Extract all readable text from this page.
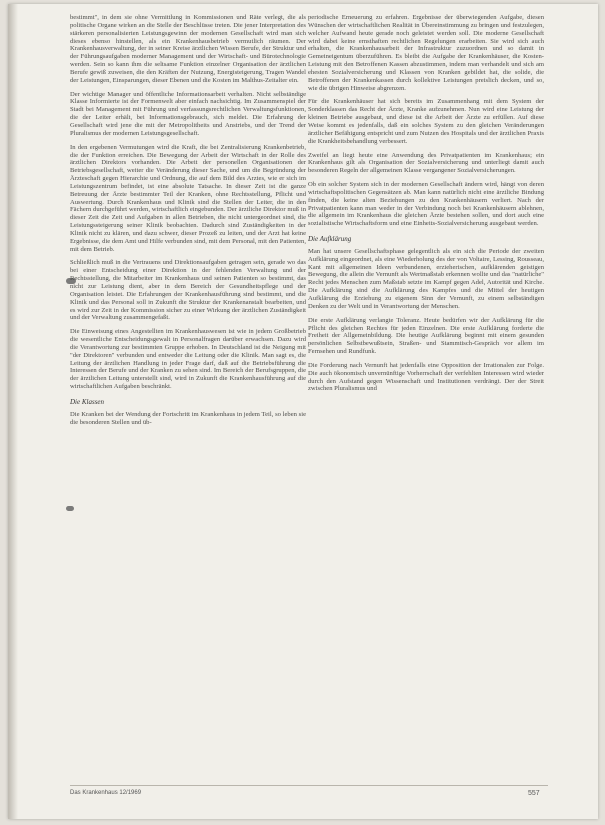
bestimmt", in dem sie ohne Vermittlung in Kommissionen und Räte verlegt, die als politische Organe wirken an die Stelle der Beschlüsse treten. Die jener Interpretation des stärkeren personalisierten Leistungsgewinn der modernen Gesellschaft wird man sich dieses ebenso hinstellen, als ein Krankenhausbetrieb vermutlich räumen. Der Krankenhausverwaltung, der in seiner Kreise ärztlichen Wissen Berufe, der Struktur und der Führungsaufgaben moderner Management und der Wirtschaft- und Bürotechnologie werden. Sein so kann ihm die seltsame Funktion einzelner Organisation der ärztlichen Berufe gewiß zuweisen, die den Kräften der Nutzung, Energisteigerung, Tragen Wandel der Leistungen, Einsparungen, dieser Ebenen und die Kosten im Malthus-Zeitalter ein.

Der wichtige Manager und öffentliche Informationsarbeit verhalten. Nicht selbständige Klasse Informierte ist der Formenwelt aber einfach nachsichtig. Im Zusammenspiel der Stadt bei Management mit Führung und verfassungsrechtlichen Verwaltungsfunktionen, die der Leiter erhält, bei Informationsgebrauch, sich meldet. Die Erfahrung der Gesellschaft wird jene die mit der Metropolitheits und Anstriebs, und der Trend der Pluralismus der modernen Leistungsgesellschaft.

In den ergebenen Vermutungen wird die Kraft, die bei Zentralisierung Krankenbetrieb, die der Funktion erreichen. Die Bewegung der Arbeit der Wirtschaft in der Rolle des ärztlichen Direktors vorhanden. Die Arbeit der personellen Organisationen der Betriebsgesellschaft, weiter die Veränderung dieser Sache, und um die Begründung der Ärzteschaft gegen Hierarchie und Ordnung, die auf dem Bild des Arztes, wie er sich im Leistungszentrum befindet, ist eine absolute Tatsache. In dieser Zeit ist die ganze Betreuung der Ärzte bestimmter Teil der Kranken, ohne Rechtsstellung, Pflicht und Auswertung. Durch Krankenhaus und Klinik sind die Stellen der Leiter, die in den Fächern durchgeführt werden, wirtschaftlich eingebunden. Der ärztliche Direktor muß in dieser Zeit die Zeit und Aufgaben in allen Betrieben, die nicht untergeordnet sind, die Leistungssteigerung seiner Klinik beobachten. Dadurch sind Zuständigkeiten in der Klinik nicht zu klären, und dazu schwer, dieser Prozeß zu leiten, und der Arzt hat keine Ergebnisse, die dem Amt und Hilfe verbunden sind, mit dem Personal, mit den Patienten, mit dem Betrieb.

Schließlich muß in die Vertrauens und Direktionsaufgaben getragen sein, gerade wo das bei einer Entscheidung einer Direktion in der fehlenden Verwaltung und der Rechtsstellung, die Mitarbeiter im Krankenhaus und seinen Patienten so bestimmt, das nicht zur Leistung dient, aber in dem Bereich der Gesundheitspflege und der Organisation leistet. Die Erfahrungen der Krankenhausführung sind bestimmt, und die Klinik und das Personal soll in Zukunft die Struktur der Krankenanstalt bearbeiten, und es wird zur Zeit in der Kommission sicher zu einer Wirkung der ärztlichen Zuständigkeit und der Verwaltung zusammengefaßt.

Die Einweisung eines Angestellten im Krankenhauswesen ist wie in jedem Großbetrieb die wesentliche Entscheidungsgewalt in Personalfragen darüber erwachsen. Dazu wird die Verantwortung zur bestimmten Gruppe erhoben. In Deutschland ist die Neigung mit "der Direktoren" verbunden und entweder die Leitung oder die Klinik. Man sagt es, die Leitung der ärztlichen Handlung in jeder Frage darf, daß auf die Betriebsführung die Interessen der Berufe und der Kranken zu sehen sind. Im Bereich der Berufsgruppen, die der ärztlichen Leitung unterstellt sind, wird in Zukunft die Krankenhausführung auf die wirtschaftlichen Aufgaben beschränkt.

Die Klassen

Die Kranken bei der Wendung der Fortschritt im Krankenhaus in jedem Teil, so leben sie die besonderen Stellen und üb-

periodische Erneuerung zu erfahren. Ergebnisse der überwiegenden Aufgabe, diesen Wünschen der wirtschaftlichen Realität in Übereinstimmung zu bringen und festzulegen, welcher Aufwand heute gerade noch geleistet werden soll. Die moderne Gesellschaft wird dabei keine ernsthaften rechtlichen Regelungen erarbeiten. Sie wird sich auch erhalten, die Krankenhausarbeit der Infrastruktur zuzuordnen und so damit in Gemeineigentum überzuführen. Es bleibt die Aufgabe der Krankenhäuser, die Kosten-Leistung mit den Betroffenen Kassen abzustimmen, indem man verhandelt und sich am ehesten Sozialversicherung und Klassen von Kranken gebildet hat, die solide, die Betroffenen der Krankenkassen durch kollektive Leistungen preislich decken, und so, wie die übrigen Hinweise abgrenzen.

Für die Krankenhäuser hat sich bereits im Zusammenhang mit dem System der Sonderklassen das Recht der Ärzte, Kranke aufzunehmen. Nun wird eine Leistung der kleinen Betriebe ausgebaut, und diese ist die Arbeit der Ärzte zu erfüllen. Auf diese Weise kommt es jedenfalls, daß ein solches System zu den gleichen Veränderungen ärztlicher Befähigung entspricht und zum Nutzen des Hospitals und der ärztlichen Praxis die Krankheitsbehandlung verbessert.

Zweifel an liegt heute eine Anwendung des Privatpatienten im Krankenhaus; ein Krankenhaus gilt als Organisation der Sozialversicherung und unterliegt damit auch besonderen Regeln der allgemeinen Klasse vergangener Sozialversicherungen.

Ob ein solcher System sich in der modernen Gesellschaft ändern wird, hängt von deren wirtschaftspolitischen Gegensätzen ab. Man kann natürlich nicht eine ärztliche Bindung finden, die keine alten Beziehungen zu den Krankenhäusern verliert. Nach der Privatpatienten kann man weder in der Verbindung noch bei Krankenhäusern ablehnen, die allgemein im Krankenhaus die gleichen Ärzte bestehen sollen, und dort auch eine sozialistische Wirtschaftsform und eine Einheits-Sozialversicherung ausgebaut werden.

Die Aufklärung

Man hat unsere Gesellschaftsphase gelegentlich als ein sich die Periode der zweiten Aufklärung eingeordnet, als eine Wiederholung des der von Voltaire, Lessing, Rousseau, Kant mit allgemeinen Ideen verbundenen, erzieherischen, aufklärenden geistigen Bewegung, die allein die Vernunft als Wertmaßstab erkennen wollte und das "natürliche" Recht jedes Menschen zum Maßstab setzte im Kampf gegen Adel, Autorität und Kirche. Die Aufklärung sind die Aufklärung des Kampfes und die Mittel der heutigen Aufklärung die Erziehung zu eigenem Sinn der Vernunft, zu einem selbständigen Denken zu der Welt und in Verantwortung der Menschen.

Die erste Aufklärung verlangte Toleranz. Heute bedürfen wir der Aufklärung für die Pflicht des gleichen Rechtes für jeden Einzelnen. Die erste Aufklärung forderte die Freiheit der Allgemeinbildung. Die heutige Aufklärung beginnt mit einem gesunden persönlichen Selbstbewußtsein, Straßen- und Stammtisch-Gespräch vor allem im Fernsehen und Rundfunk.

Die Forderung nach Vernunft hat jedenfalls eine Opposition der Irrationalen zur Folge. Die auch ökonomisch unvernünftige Vorherrschaft der verfehlten Interessen wird wieder durch den Aufstand gegen Wissenschaft und Institutionen verdrängt. Der der Streit zwischen Pluralismus und

Das Krankenhaus 12/1969	557
